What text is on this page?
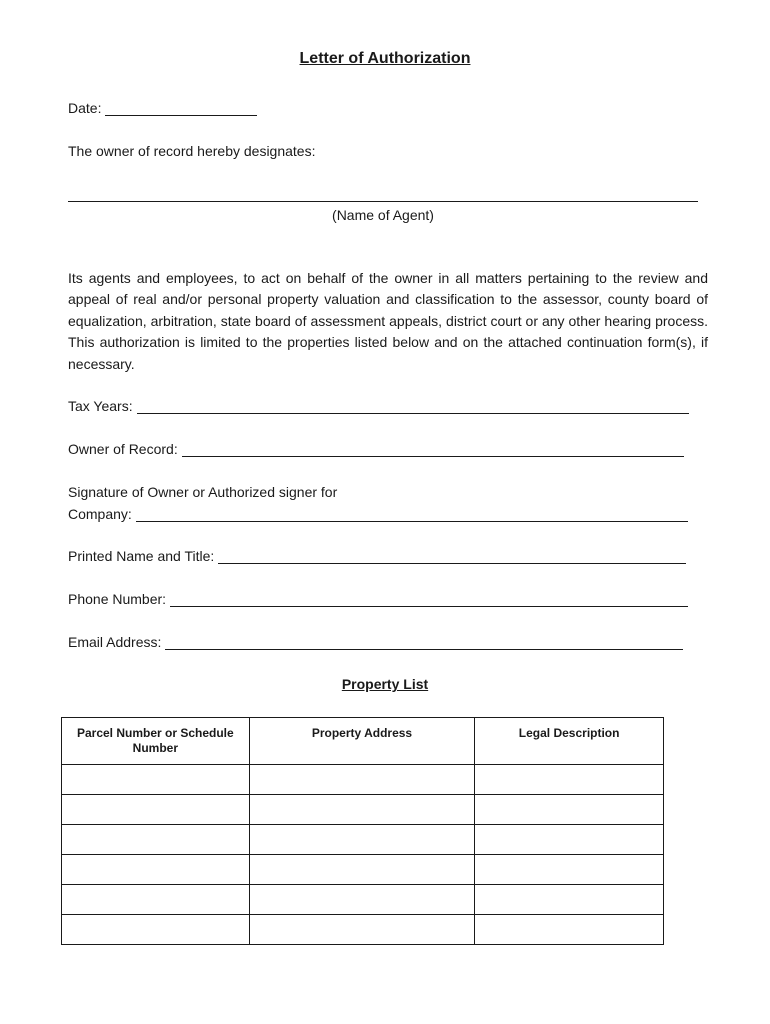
Letter of Authorization
Date:
The owner of record hereby designates:
(Name of Agent)
Its agents and employees, to act on behalf of the owner in all matters pertaining to the review and appeal of real and/or personal property valuation and classification to the assessor, county board of equalization, arbitration, state board of assessment appeals, district court or any other hearing process. This authorization is limited to the properties listed below and on the attached continuation form(s), if necessary.
Tax Years:
Owner of Record:
Signature of Owner or Authorized signer for
Company:
Printed Name and Title:
Phone Number:
Email Address:
Property List
Parcel Number or Schedule Number	Property Address	Legal Description
